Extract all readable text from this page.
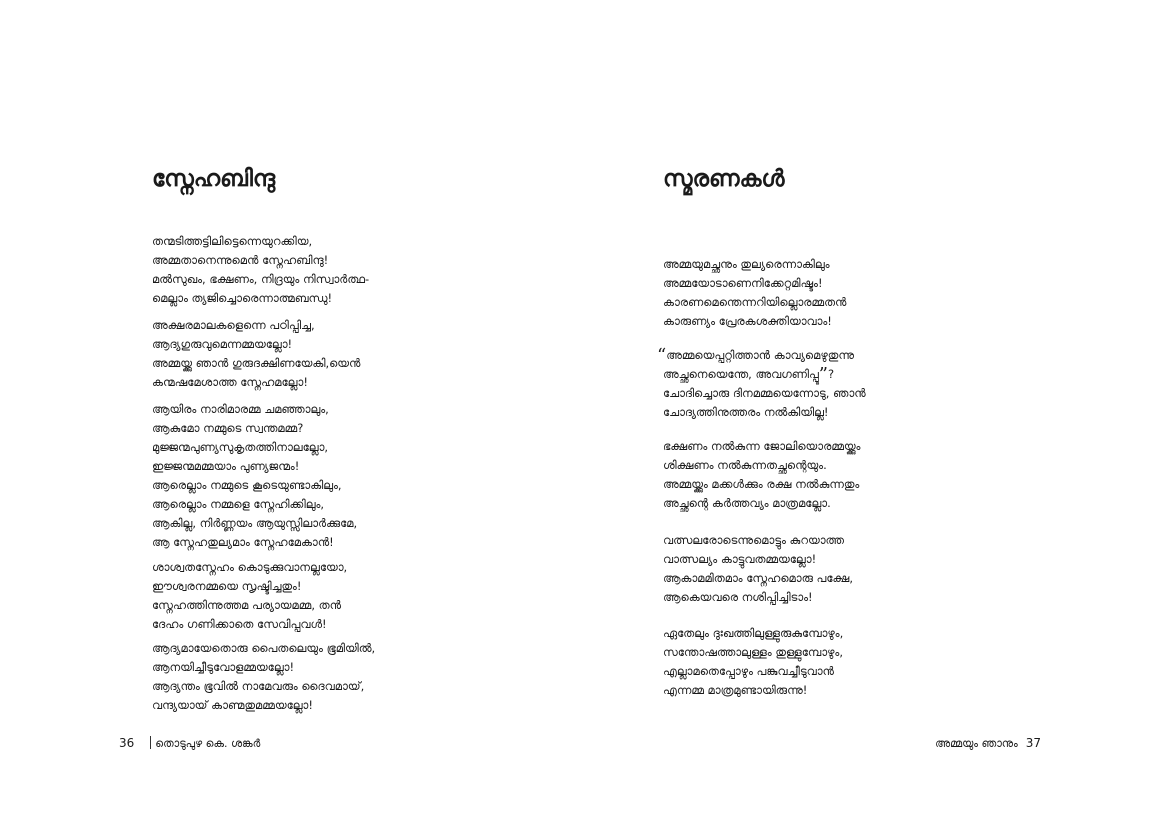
സ്നേഹബിന്ദു
തന്മടിത്തട്ടിലിട്ടെന്നെയുറക്കിയ,
അമ്മതാനെന്നുമെൻ സ്നേഹബിന്ദു!
മൽസുഖം, ഭക്ഷണം, നിദ്രയും നിസ്വാർത്ഥ-
മെല്ലാം ത്യജിച്ചൊരെന്നാത്മബന്ധു!
അക്ഷരമാലകളെന്നെ പഠിപ്പിച്ച,
ആദ്യഗുരുവുമെന്നമ്മയല്ലോ!
അമ്മയ്ക്കു ഞാൻ ഗുരുദക്ഷിണയേകി,യെൻ
കന്മഷമേശാത്ത സ്നേഹമല്ലോ!
ആയിരം നാരിമാരമ്മ ചമഞ്ഞാലും,
ആകുമോ നമ്മുടെ സ്വന്തമമ്മ?
മുജ്ജന്മപുണ്യസുകൃതത്തിനാലല്ലോ,
ഇജ്ജന്മമമ്മയാം പുണ്യജന്മം!
ആരെല്ലാം നമ്മുടെ കൂടെയുണ്ടാകിലും,
ആരെല്ലാം നമ്മളെ സ്നേഹിക്കിലും,
ആകില്ല, നിർണ്ണയം ആയുസ്സിലാർക്കുമേ,
ആ സ്നേഹതുല്യമാം സ്നേഹമേകാൻ!
ശാശ്വതസ്നേഹം കൊടുക്കുവാനല്ലയോ,
ഈശ്വരനമ്മയെ സൃഷ്ടിച്ചതും!
സ്നേഹത്തിന്നുത്തമ പര്യായമമ്മ, തൻ
ദേഹം ഗണിക്കാതെ സേവിപ്പവൾ!
ആദ്യമായേതൊരു പൈതലെയും ഭൂമിയിൽ,
ആനയിച്ചീടുവോളമ്മയല്ലോ!
ആദ്യന്തം ഭൂവിൽ നാമേവരും ദൈവമായ്,
വന്ദ്യയായ് കാണ്മതുമമ്മയല്ലോ!
36 തൊടുപുഴ കെ. ശങ്കർ
സ്മരണകൾ
അമ്മയുമച്ഛനും തുല്യരെന്നാകിലും
അമ്മയോടാണെനിക്കേറ്റമിഷ്ടം!
കാരണമെന്തെന്നറിയില്ലൊരമ്മതൻ
കാരുണ്യം പ്രേരകശക്തിയാവാം!
“അമ്മയെപ്പറ്റിത്താൻ കാവ്യമെഴുതുന്നു
അച്ഛനെയെന്തേ, അവഗണിപ്പൂ”?
ചോദിച്ചൊരു ദിനമമ്മയെന്നോടു, ഞാൻ
ചോദ്യത്തിനുത്തരം നൽകിയില്ല!
ഭക്ഷണം നൽകുന്ന ജോലിയൊരമ്മയ്ക്കും
ശിക്ഷണം നൽകുന്നതച്ഛന്റെയും.
അമ്മയ്ക്കും മക്കൾക്കും രക്ഷ നൽകുന്നതും
അച്ഛന്റെ കർത്തവ്യം മാത്രമല്ലോ.
വത്സലരോടെന്നുമൊട്ടും കുറയാത്ത
വാത്സല്യം കാട്ടുവതമ്മയല്ലോ!
ആകാമമിതമാം സ്നേഹമൊരു പക്ഷേ,
ആകെയവരെ നശിപ്പിച്ചിടാം!
ഏതേലും ദുഃഖത്തിലുള്ളുരുകുമ്പോഴും,
സന്തോഷത്താലുള്ളം തുള്ളുമ്പോഴും,
എല്ലാമതെപ്പോഴും പങ്കുവച്ചീടുവാൻ
എന്നമ്മ മാത്രമുണ്ടായിരുന്നു!
അമ്മയും ഞാനും 37
